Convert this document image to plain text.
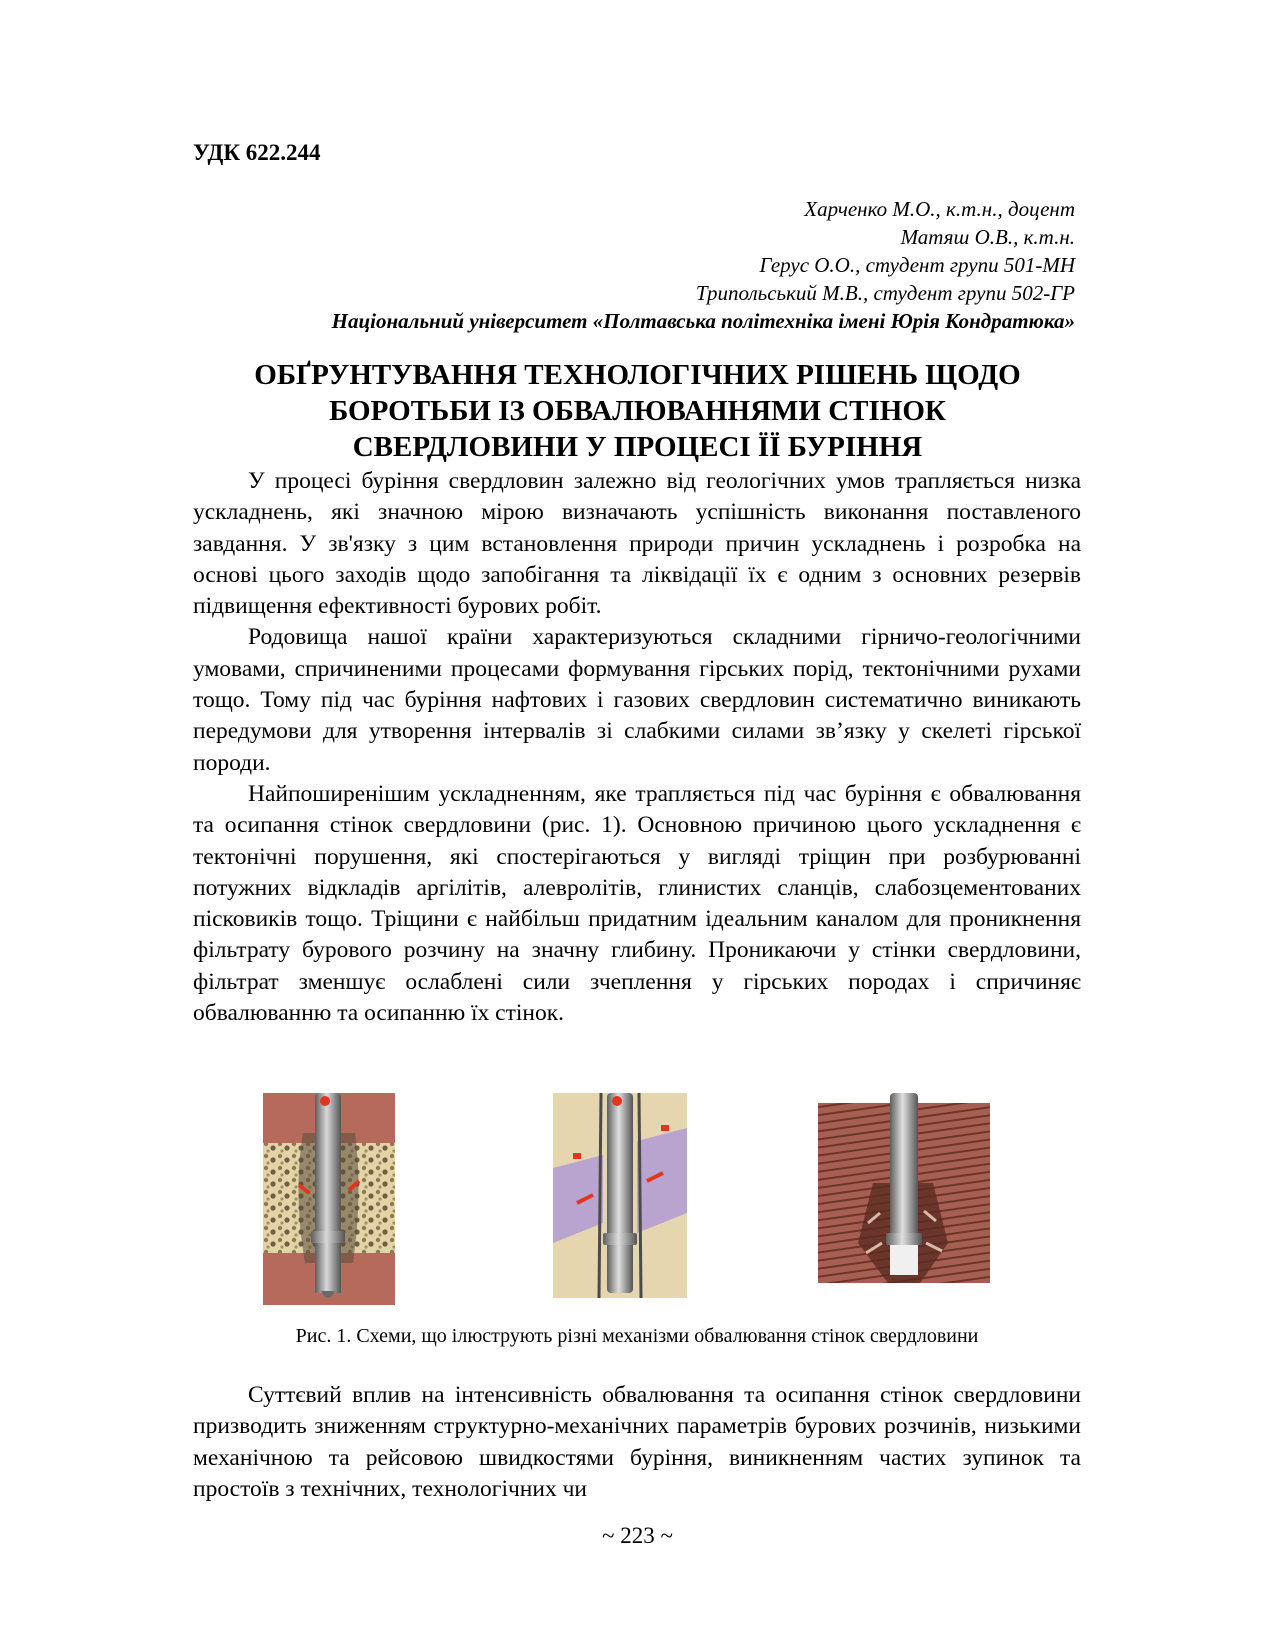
УДК 622.244
Харченко М.О., к.т.н., доцент
Матяш О.В., к.т.н.
Герус О.О., студент групи 501-МН
Трипольський М.В., студент групи 502-ГР
Національний університет «Полтавська політехніка імені Юрія Кондратюка»
ОБҐРУНТУВАННЯ ТЕХНОЛОГІЧНИХ РІШЕНЬ ЩОДО
БОРОТЬБИ ІЗ ОБВАЛЮВАННЯМИ СТІНОК
СВЕРДЛОВИНИ У ПРОЦЕСІ ЇЇ БУРІННЯ

У процесі буріння свердловин залежно від геологічних умов трапляється низка ускладнень, які значною мірою визначають успішність виконання поставленого завдання. У зв'язку з цим встановлення природи причин ускладнень і розробка на основі цього заходів щодо запобігання та ліквідації їх є одним з основних резервів підвищення ефективності бурових робіт.

Родовища нашої країни характеризуються складними гірничо-геологічними умовами, спричиненими процесами формування гірських порід, тектонічними рухами тощо. Тому під час буріння нафтових і газових свердловин систематично виникають передумови для утворення інтервалів зі слабкими силами зв’язку у скелеті гірської породи.

Найпоширенішим ускладненням, яке трапляється під час буріння є обвалювання та осипання стінок свердловини (рис. 1). Основною причиною цього ускладнення є тектонічні порушення, які спостерігаються у вигляді тріщин при розбурюванні потужних відкладів аргілітів, алевролітів, глинистих сланців, слабозцементованих пісковиків тощо. Тріщини є найбільш придатним ідеальним каналом для проникнення фільтрату бурового розчину на значну глибину. Проникаючи у стінки свердловини, фільтрат зменшує ослаблені сили зчеплення у гірських породах і спричиняє обвалюванню та осипанню їх стінок.

Рис. 1. Схеми, що ілюструють різні механізми обвалювання стінок свердловини

Суттєвий вплив на інтенсивність обвалювання та осипання стінок свердловини призводить зниженням структурно-механічних параметрів бурових розчинів, низькими механічною та рейсовою швидкостями буріння, виникненням частих зупинок та простоїв з технічних, технологічних чи

~ 223 ~
